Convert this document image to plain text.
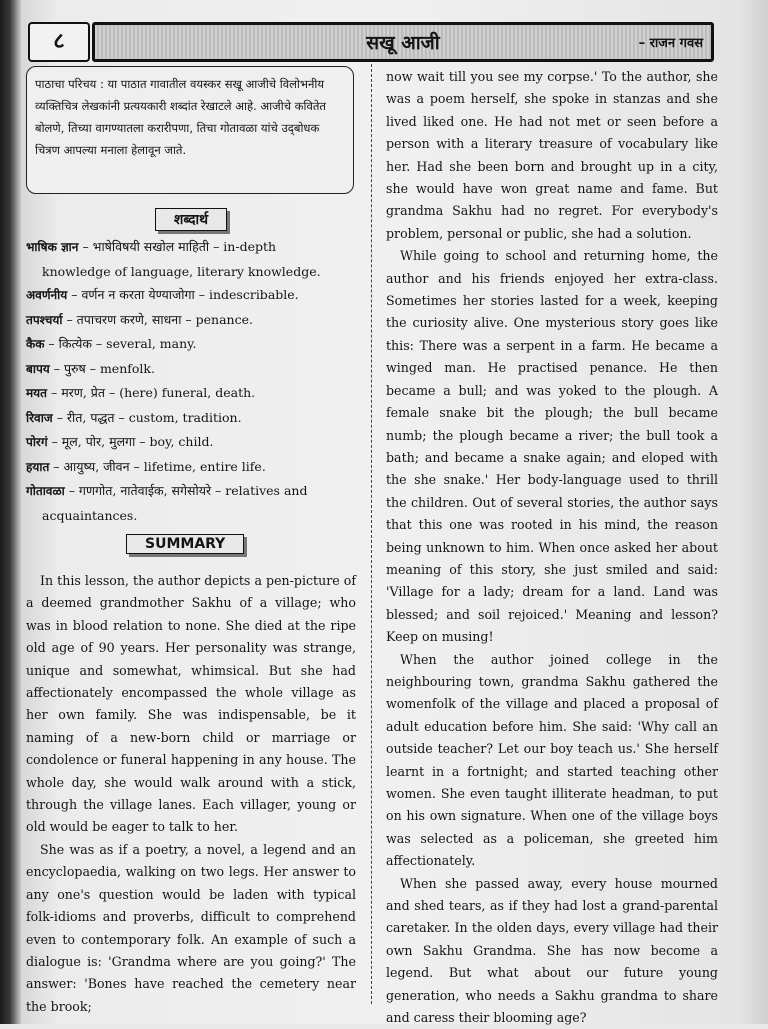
८	सखू आजी	– राजन गवस
पाठाचा परिचय : या पाठात गावातील वयस्कर सखू आजीचे विलोभनीय व्यक्तिचित्र लेखकांनी प्रत्ययकारी शब्दांत रेखाटले आहे. आजीचे कवितेत बोलणे, तिच्या वागण्यातला करारीपणा, तिचा गोतावळा यांचे उद्‌बोधक चित्रण आपल्या मनाला हेलावून जाते.
शब्दार्थ
भाषिक ज्ञान – भाषेविषयी सखोल माहिती – in-depth
knowledge of language, literary knowledge.
अवर्णनीय – वर्णन न करता येण्याजोगा – indescribable.
तपश्चर्या – तपाचरण करणे, साधना – penance.
कैक – कित्येक – several, many.
बापय – पुरुष – menfolk.
मयत – मरण, प्रेत – (here) funeral, death.
रिवाज – रीत, पद्धत – custom, tradition.
पोरगं – मूल, पोर, मुलगा – boy, child.
हयात – आयुष्य, जीवन – lifetime, entire life.
गोतावळा – गणगोत, नातेवाईक, सगेसोयरे – relatives and
acquaintances.
SUMMARY

In this lesson, the author depicts a pen-picture of a deemed grandmother Sakhu of a village; who was in blood relation to none. She died at the ripe old age of 90 years. Her personality was strange, unique and somewhat, whimsical. But she had affectionately encompassed the whole village as her own family. She was indispensable, be it naming of a new-born child or marriage or condolence or funeral happening in any house. The whole day, she would walk around with a stick, through the village lanes. Each villager, young or old would be eager to talk to her.

She was as if a poetry, a novel, a legend and an encyclopaedia, walking on two legs. Her answer to any one's question would be laden with typical folk-idioms and proverbs, difficult to comprehend even to contemporary folk. An example of such a dialogue is: 'Grandma where are you going?' The answer: 'Bones have reached the cemetery near the brook;

now wait till you see my corpse.' To the author, she was a poem herself, she spoke in stanzas and she lived liked one. He had not met or seen before a person with a literary treasure of vocabulary like her. Had she been born and brought up in a city, she would have won great name and fame. But grandma Sakhu had no regret. For everybody's problem, personal or public, she had a solution.

While going to school and returning home, the author and his friends enjoyed her extra-class. Sometimes her stories lasted for a week, keeping the curiosity alive. One mysterious story goes like this: There was a serpent in a farm. He became a winged man. He practised penance. He then became a bull; and was yoked to the plough. A female snake bit the plough; the bull became numb; the plough became a river; the bull took a bath; and became a snake again; and eloped with the she snake.' Her body-language used to thrill the children. Out of several stories, the author says that this one was rooted in his mind, the reason being unknown to him. When once asked her about meaning of this story, she just smiled and said: 'Village for a lady; dream for a land. Land was blessed; and soil rejoiced.' Meaning and lesson? Keep on musing!

When the author joined college in the neighbouring town, grandma Sakhu gathered the womenfolk of the village and placed a proposal of adult education before him. She said: 'Why call an outside teacher? Let our boy teach us.' She herself learnt in a fortnight; and started teaching other women. She even taught illiterate headman, to put on his own signature. When one of the village boys was selected as a policeman, she greeted him affectionately.

When she passed away, every house mourned and shed tears, as if they had lost a grand-parental caretaker. In the olden days, every village had their own Sakhu Grandma. She has now become a legend. But what about our future young generation, who needs a Sakhu grandma to share and caress their blooming age?
